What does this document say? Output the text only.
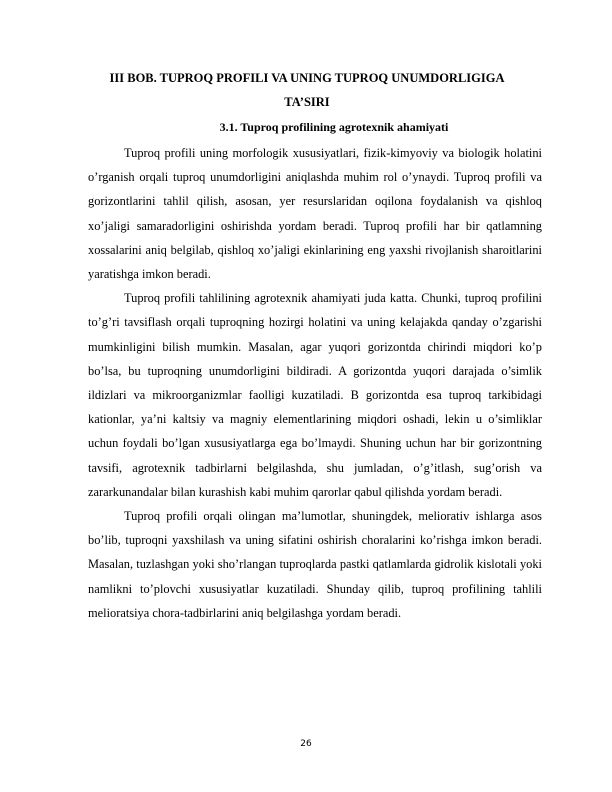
III BOB. TUPROQ PROFILI VA UNING TUPROQ UNUMDORLIGIGA
TA’SIRI
3.1. Tuproq profilining agrotexnik ahamiyati

Tuproq profili uning morfologik xususiyatlari, fizik-kimyoviy va biologik holatini o’rganish orqali tuproq unumdorligini aniqlashda muhim rol o’ynaydi. Tuproq profili va gorizontlarini tahlil qilish, asosan, yer resurslaridan oqilona foydalanish va qishloq xo’jaligi samaradorligini oshirishda yordam beradi. Tuproq profili har bir qatlamning xossalarini aniq belgilab, qishloq xo’jaligi ekinlarining eng yaxshi rivojlanish sharoitlarini yaratishga imkon beradi.

Tuproq profili tahlilining agrotexnik ahamiyati juda katta. Chunki, tuproq profilini to’g’ri tavsiflash orqali tuproqning hozirgi holatini va uning kelajakda qanday o’zgarishi mumkinligini bilish mumkin. Masalan, agar yuqori gorizontda chirindi miqdori ko’p bo’lsa, bu tuproqning unumdorligini bildiradi. A gorizontda yuqori darajada o’simlik ildizlari va mikroorganizmlar faolligi kuzatiladi. B gorizontda esa tuproq tarkibidagi kationlar, ya’ni kaltsiy va magniy elementlarining miqdori oshadi, lekin u o’simliklar uchun foydali bo’lgan xususiyatlarga ega bo’lmaydi. Shuning uchun har bir gorizontning tavsifi, agrotexnik tadbirlarni belgilashda, shu jumladan, o’g’itlash, sug’orish va zararkunandalar bilan kurashish kabi muhim qarorlar qabul qilishda yordam beradi.

Tuproq profili orqali olingan ma’lumotlar, shuningdek, meliorativ ishlarga asos bo’lib, tuproqni yaxshilash va uning sifatini oshirish choralarini ko’rishga imkon beradi. Masalan, tuzlashgan yoki sho’rlangan tuproqlarda pastki qatlamlarda gidrolik kislotali yoki namlikni to’plovchi xususiyatlar kuzatiladi. Shunday qilib, tuproq profilining tahlili melioratsiya chora-tadbirlarini aniq belgilashga yordam beradi.

26
